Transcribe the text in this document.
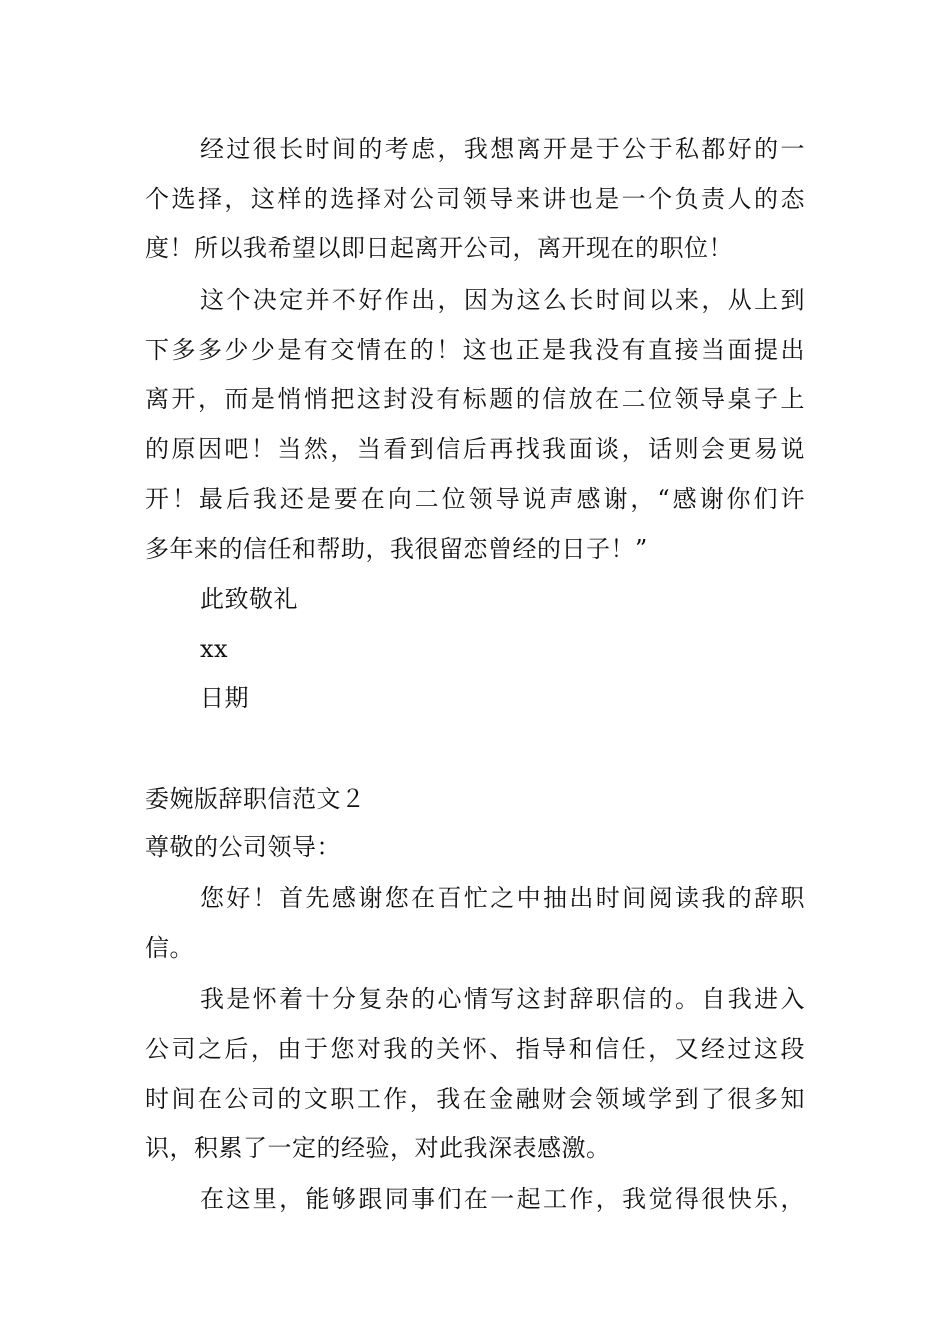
经过很长时间的考虑，我想离开是于公于私都好的一
个选择，这样的选择对公司领导来讲也是一个负责人的态
度！所以我希望以即日起离开公司，离开现在的职位！
这个决定并不好作出，因为这么长时间以来，从上到
下多多少少是有交情在的！这也正是我没有直接当面提出
离开，而是悄悄把这封没有标题的信放在二位领导桌子上
的原因吧！当然，当看到信后再找我面谈，话则会更易说
开！最后我还是要在向二位领导说声感谢，“感谢你们许
多年来的信任和帮助，我很留恋曾经的日子！”
此致敬礼
xx
日期
委婉版辞职信范文２
尊敬的公司领导：
您好！首先感谢您在百忙之中抽出时间阅读我的辞职
信。
我是怀着十分复杂的心情写这封辞职信的。自我进入
公司之后，由于您对我的关怀、指导和信任，又经过这段
时间在公司的文职工作，我在金融财会领域学到了很多知
识，积累了一定的经验，对此我深表感激。
在这里，能够跟同事们在一起工作，我觉得很快乐，
